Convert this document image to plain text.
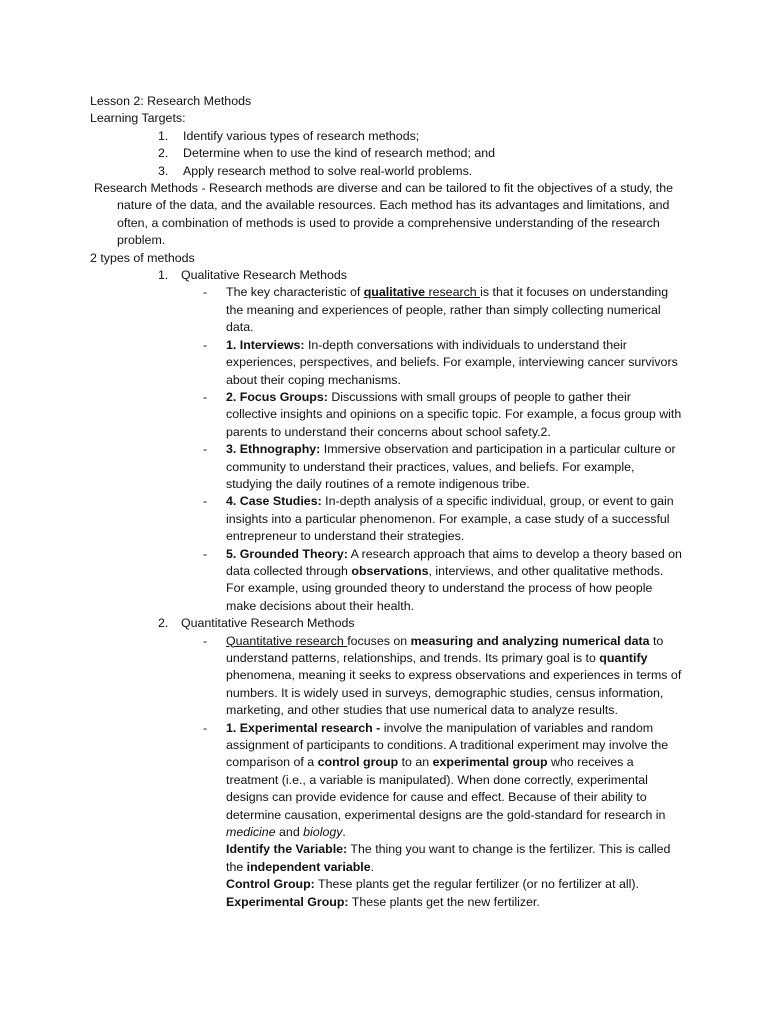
Lesson 2: Research Methods
Learning Targets:
1. Identify various types of research methods;
2. Determine when to use the kind of research method; and
3. Apply research method to solve real-world problems.
Research Methods - Research methods are diverse and can be tailored to fit the objectives of a study, the nature of the data, and the available resources. Each method has its advantages and limitations, and often, a combination of methods is used to provide a comprehensive understanding of the research problem.
2 types of methods
1. Qualitative Research Methods
- The key characteristic of qualitative research is that it focuses on understanding the meaning and experiences of people, rather than simply collecting numerical data.
- 1. Interviews: In-depth conversations with individuals to understand their experiences, perspectives, and beliefs. For example, interviewing cancer survivors about their coping mechanisms.
- 2. Focus Groups: Discussions with small groups of people to gather their collective insights and opinions on a specific topic. For example, a focus group with parents to understand their concerns about school safety.2.
- 3. Ethnography: Immersive observation and participation in a particular culture or community to understand their practices, values, and beliefs. For example, studying the daily routines of a remote indigenous tribe.
- 4. Case Studies: In-depth analysis of a specific individual, group, or event to gain insights into a particular phenomenon. For example, a case study of a successful entrepreneur to understand their strategies.
- 5. Grounded Theory: A research approach that aims to develop a theory based on data collected through observations, interviews, and other qualitative methods. For example, using grounded theory to understand the process of how people make decisions about their health.
2. Quantitative Research Methods
- Quantitative research focuses on measuring and analyzing numerical data to understand patterns, relationships, and trends. Its primary goal is to quantify phenomena, meaning it seeks to express observations and experiences in terms of numbers. It is widely used in surveys, demographic studies, census information, marketing, and other studies that use numerical data to analyze results.
- 1. Experimental research - involve the manipulation of variables and random assignment of participants to conditions. A traditional experiment may involve the comparison of a control group to an experimental group who receives a treatment (i.e., a variable is manipulated). When done correctly, experimental designs can provide evidence for cause and effect. Because of their ability to determine causation, experimental designs are the gold-standard for research in medicine and biology.
Identify the Variable: The thing you want to change is the fertilizer. This is called the independent variable.
Control Group: These plants get the regular fertilizer (or no fertilizer at all).
Experimental Group: These plants get the new fertilizer.
